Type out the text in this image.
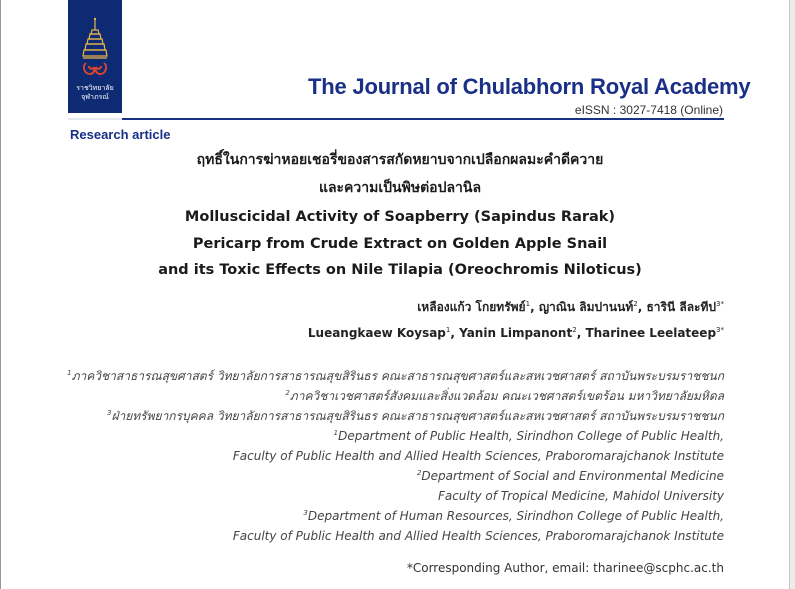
ราชวิทยาลัย
จุฬาภรณ์	The Journal of Chulabhorn Royal Academy
eISSN : 3027-7418 (Online)
Research article
ฤทธิ์ในการฆ่าหอยเชอรี่ของสารสกัดหยาบจากเปลือกผลมะคำดีควาย
และความเป็นพิษต่อปลานิล
Molluscicidal Activity of Soapberry (Sapindus Rarak)
Pericarp from Crude Extract on Golden Apple Snail
and its Toxic Effects on Nile Tilapia (Oreochromis Niloticus)
เหลืองแก้ว โกยทรัพย์$^1$, ญาณิน ลิมปานนท์$^2$, ธารินี ลีละทีป$^{3*}$
Lueangkaew Koysap$^1$, Yanin Limpanont$^2$, Tharinee Leelateep$^{3*}$
$^1$ภาควิชาสาธารณสุขศาสตร์ วิทยาลัยการสาธารณสุขสิรินธร คณะสาธารณสุขศาสตร์และสหเวชศาสตร์ สถาบันพระบรมราชชนก
$^2$ภาควิชาเวชศาสตร์สังคมและสิ่งแวดล้อม คณะเวชศาสตร์เขตร้อน มหาวิทยาลัยมหิดล
$^3$ฝ่ายทรัพยากรบุคคล วิทยาลัยการสาธารณสุขสิรินธร คณะสาธารณสุขศาสตร์และสหเวชศาสตร์ สถาบันพระบรมราชชนก
$^1$Department of Public Health, Sirindhon College of Public Health,
Faculty of Public Health and Allied Health Sciences, Praboromarajchanok Institute
$^2$Department of Social and Environmental Medicine
Faculty of Tropical Medicine, Mahidol University
$^3$Department of Human Resources, Sirindhon College of Public Health,
Faculty of Public Health and Allied Health Sciences, Praboromarajchanok Institute
*Corresponding Author, email: tharinee@scphc.ac.th
